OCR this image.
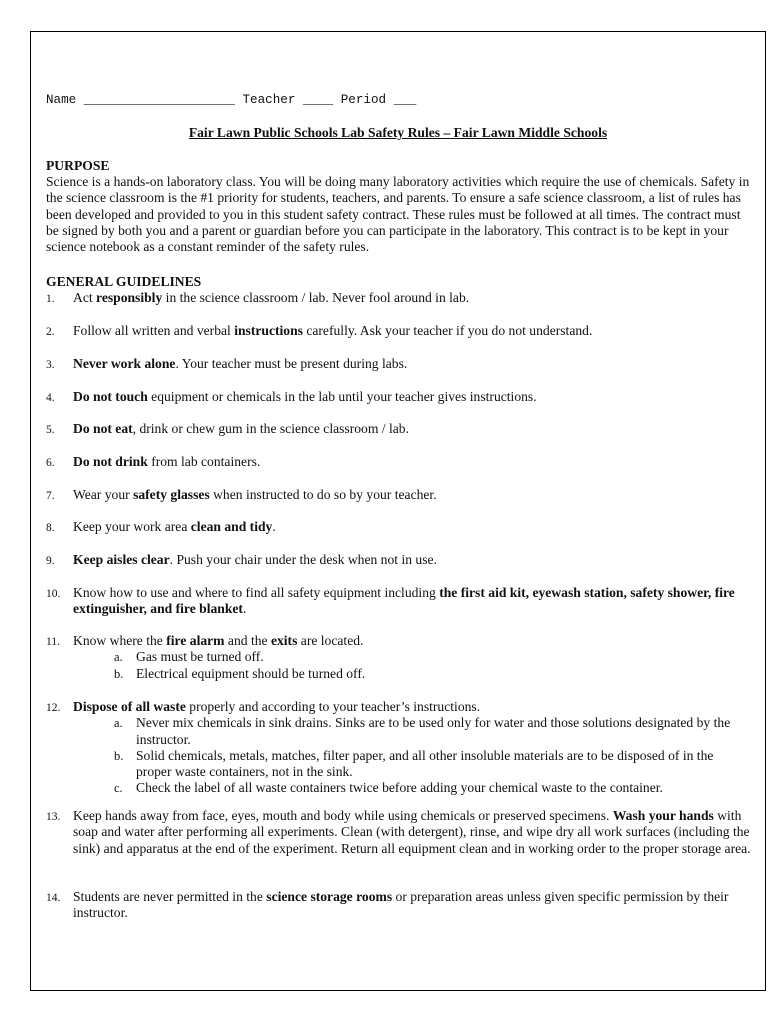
Name ____________________ Teacher ____ Period ___
Fair Lawn Public Schools Lab Safety Rules – Fair Lawn Middle Schools
PURPOSE
Science is a hands-on laboratory class. You will be doing many laboratory activities which require the use of chemicals. Safety in the science classroom is the #1 priority for students, teachers, and parents. To ensure a safe science classroom, a list of rules has been developed and provided to you in this student safety contract. These rules must be followed at all times. The contract must be signed by both you and a parent or guardian before you can participate in the laboratory. This contract is to be kept in your science notebook as a constant reminder of the safety rules.
GENERAL GUIDELINES
1. Act responsibly in the science classroom / lab. Never fool around in lab.
2. Follow all written and verbal instructions carefully. Ask your teacher if you do not understand.
3. Never work alone. Your teacher must be present during labs.
4. Do not touch equipment or chemicals in the lab until your teacher gives instructions.
5. Do not eat, drink or chew gum in the science classroom / lab.
6. Do not drink from lab containers.
7. Wear your safety glasses when instructed to do so by your teacher.
8. Keep your work area clean and tidy.
9. Keep aisles clear. Push your chair under the desk when not in use.
10. Know how to use and where to find all safety equipment including the first aid kit, eyewash station, safety shower, fire extinguisher, and fire blanket.
11. Know where the fire alarm and the exits are located.
a. Gas must be turned off.
b. Electrical equipment should be turned off.
12. Dispose of all waste properly and according to your teacher’s instructions.
a. Never mix chemicals in sink drains. Sinks are to be used only for water and those solutions designated by the instructor.
b. Solid chemicals, metals, matches, filter paper, and all other insoluble materials are to be disposed of in the proper waste containers, not in the sink.
c. Check the label of all waste containers twice before adding your chemical waste to the container.
13. Keep hands away from face, eyes, mouth and body while using chemicals or preserved specimens. Wash your hands with soap and water after performing all experiments. Clean (with detergent), rinse, and wipe dry all work surfaces (including the sink) and apparatus at the end of the experiment. Return all equipment clean and in working order to the proper storage area.
14. Students are never permitted in the science storage rooms or preparation areas unless given specific permission by their instructor.
